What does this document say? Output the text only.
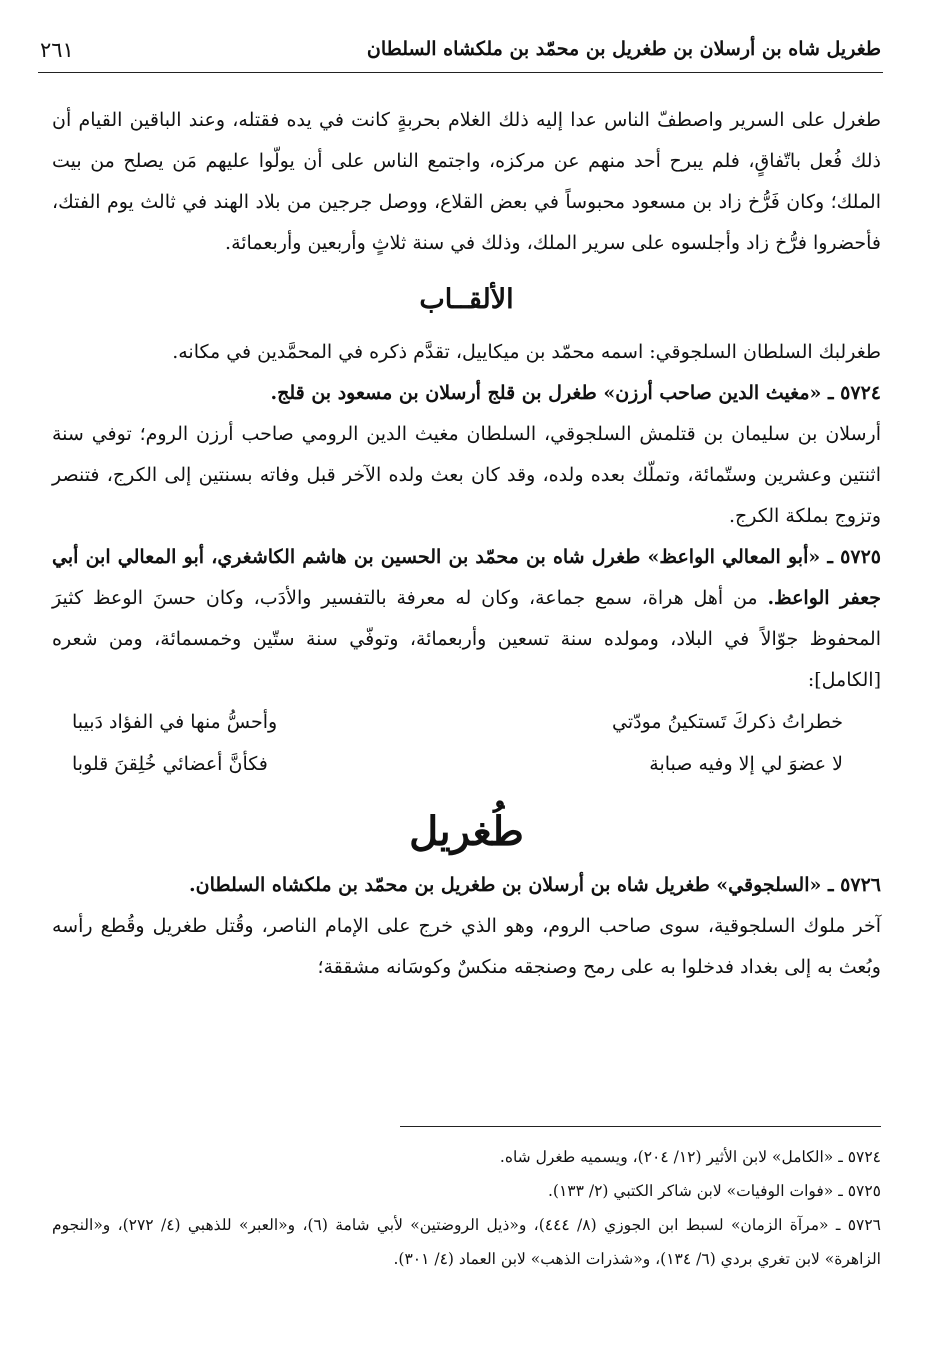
طغريل شاه بن أرسلان بن طغريل بن محمّد بن ملكشاه السلطان
٢٦١

طغرل على السرير واصطفّ الناس عدا إليه ذلك الغلام بحربةٍ كانت في يده فقتله، وعند الباقين القيام أن ذلك فُعل باتّفاقٍ، فلم يبرح أحد منهم عن مركزه، واجتمع الناس على أن يولّوا عليهم مَن يصلح من بيت الملك؛ وكان فَرُّخ زاد بن مسعود محبوساً في بعض القلاع، ووصل جرجين من بلاد الهند في ثالث يوم الفتك، فأحضروا فرُّخ زاد وأجلسوه على سرير الملك، وذلك في سنة ثلاثٍ وأربعين وأربعمائة.

الألقــاب

طغرلبك السلطان السلجوقي: اسمه محمّد بن ميكاييل، تقدَّم ذكره في المحمَّدين في مكانه.

٥٧٢٤ ـ «مغيث الدين صاحب أرزن» طغرل بن قلج أرسلان بن مسعود بن قلج.

أرسلان بن سليمان بن قتلمش السلجوقي، السلطان مغيث الدين الرومي صاحب أرزن الروم؛ توفي سنة اثنتين وعشرين وستّمائة، وتملّك بعده ولده، وقد كان بعث ولده الآخر قبل وفاته بسنتين إلى الكرج، فتنصر وتزوج بملكة الكرج.

٥٧٢٥ ـ «أبو المعالي الواعظ» طغرل شاه بن محمّد بن الحسين بن هاشم الكاشغري، أبو المعالي ابن أبي جعفر الواعظ. من أهل هراة، سمع جماعة، وكان له معرفة بالتفسير والأدَب، وكان حسنَ الوعظ كثيرَ المحفوظ جوّالاً في البلاد، ومولده سنة تسعين وأربعمائة، وتوفّي سنة ستّين وخمسمائة، ومن شعره [الكامل]:

خطراتُ ذكركَ تَستكينُ مودّتي
وأحسُّ منها في الفؤاد دَبيبا
لا عضوَ لي إلا وفيه صبابة
فكأنَّ أعضائي خُلِقنَ قلوبا
طُغريل

٥٧٢٦ ـ «السلجوقي» طغريل شاه بن أرسلان بن طغريل بن محمّد بن ملكشاه السلطان.

آخر ملوك السلجوقية، سوى صاحب الروم، وهو الذي خرج على الإمام الناصر، وقُتل طغريل وقُطع رأسه وبُعث به إلى بغداد فدخلوا به على رمح وصنجقه منكسٌ وكوسَانه مشققة؛

٥٧٢٤ ـ «الكامل» لابن الأثير (١٢/ ٢٠٤)، ويسميه طغرل شاه.

٥٧٢٥ ـ «فوات الوفيات» لابن شاكر الكتبي (٢/ ١٣٣).

٥٧٢٦ ـ «مرآة الزمان» لسبط ابن الجوزي (٨/ ٤٤٤)، و«ذيل الروضتين» لأبي شامة (٦)، و«العبر» للذهبي (٤/ ٢٧٢)، و«النجوم الزاهرة» لابن تغري بردي (٦/ ١٣٤)، و«شذرات الذهب» لابن العماد (٤/ ٣٠١).
